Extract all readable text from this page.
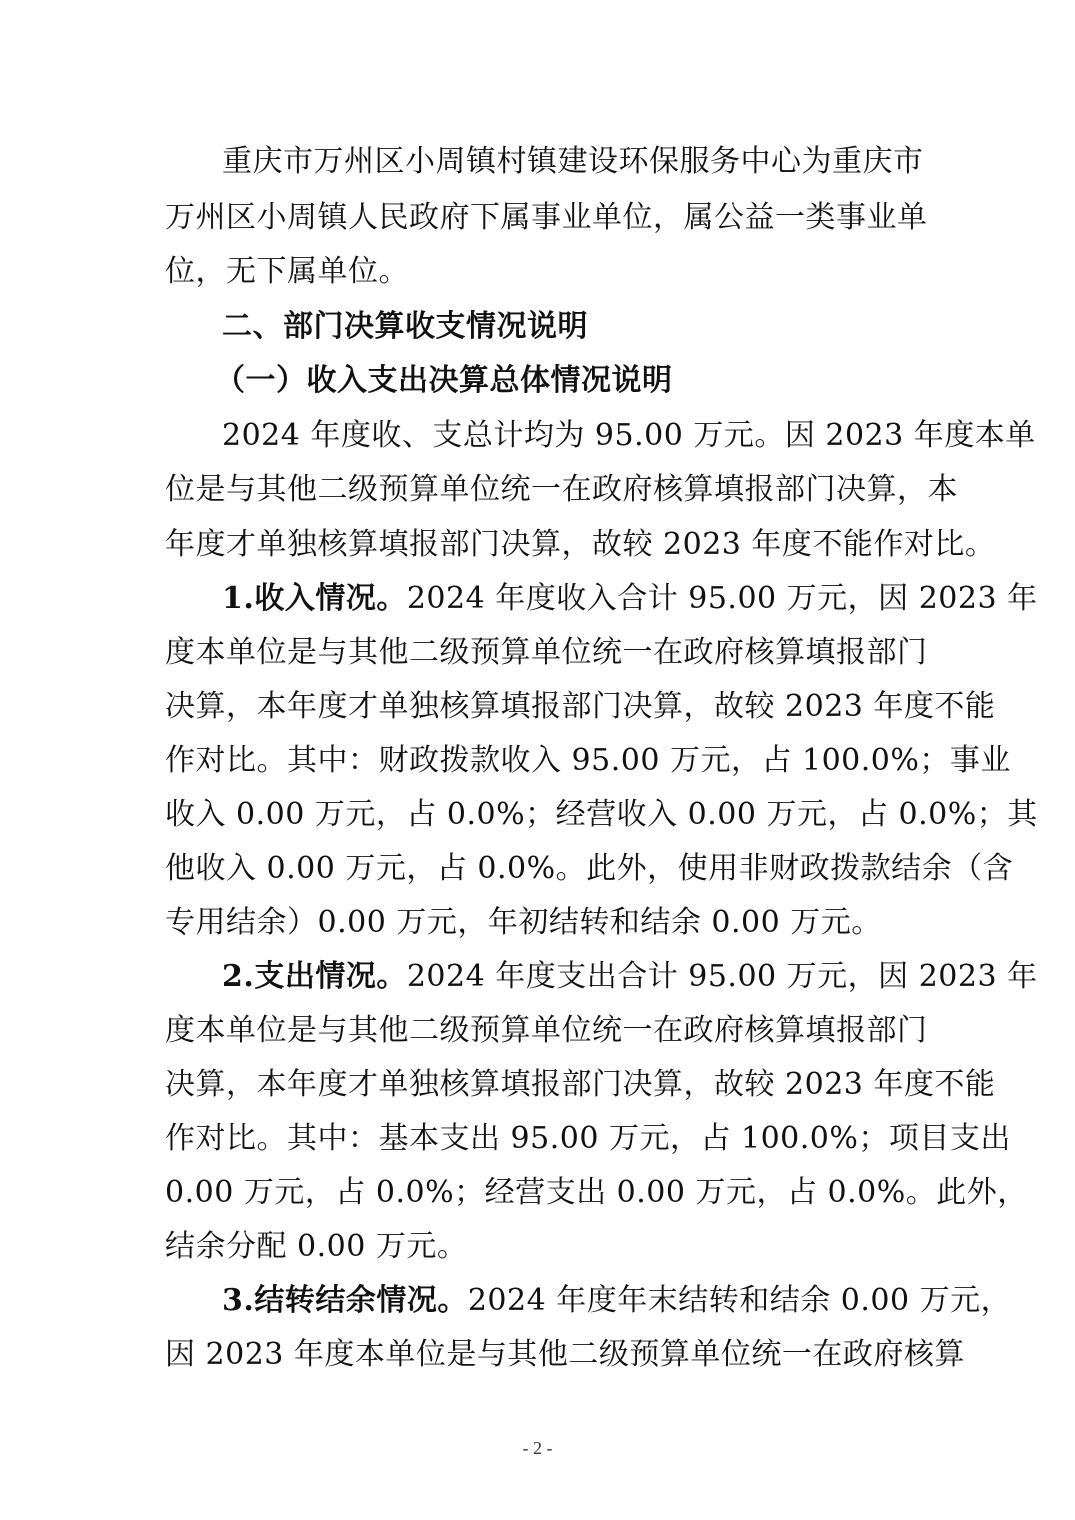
重庆市万州区小周镇村镇建设环保服务中心为重庆市
万州区小周镇人民政府下属事业单位，属公益一类事业单
位，无下属单位。
二、部门决算收支情况说明
（一）收入支出决算总体情况说明
2024 年度收、支总计均为 95.00 万元。因 2023 年度本单
位是与其他二级预算单位统一在政府核算填报部门决算，本
年度才单独核算填报部门决算，故较 2023 年度不能作对比。
1.收入情况。2024 年度收入合计 95.00 万元，因 2023 年
度本单位是与其他二级预算单位统一在政府核算填报部门
决算，本年度才单独核算填报部门决算，故较 2023 年度不能
作对比。其中：财政拨款收入 95.00 万元，占 100.0%；事业
收入 0.00 万元，占 0.0%；经营收入 0.00 万元，占 0.0%；其
他收入 0.00 万元，占 0.0%。此外，使用非财政拨款结余（含
专用结余）0.00 万元，年初结转和结余 0.00 万元。
2.支出情况。2024 年度支出合计 95.00 万元，因 2023 年
度本单位是与其他二级预算单位统一在政府核算填报部门
决算，本年度才单独核算填报部门决算，故较 2023 年度不能
作对比。其中：基本支出 95.00 万元，占 100.0%；项目支出
0.00 万元，占 0.0%；经营支出 0.00 万元，占 0.0%。此外，
结余分配 0.00 万元。
3.结转结余情况。2024 年度年末结转和结余 0.00 万元，
因 2023 年度本单位是与其他二级预算单位统一在政府核算
- 2 -
